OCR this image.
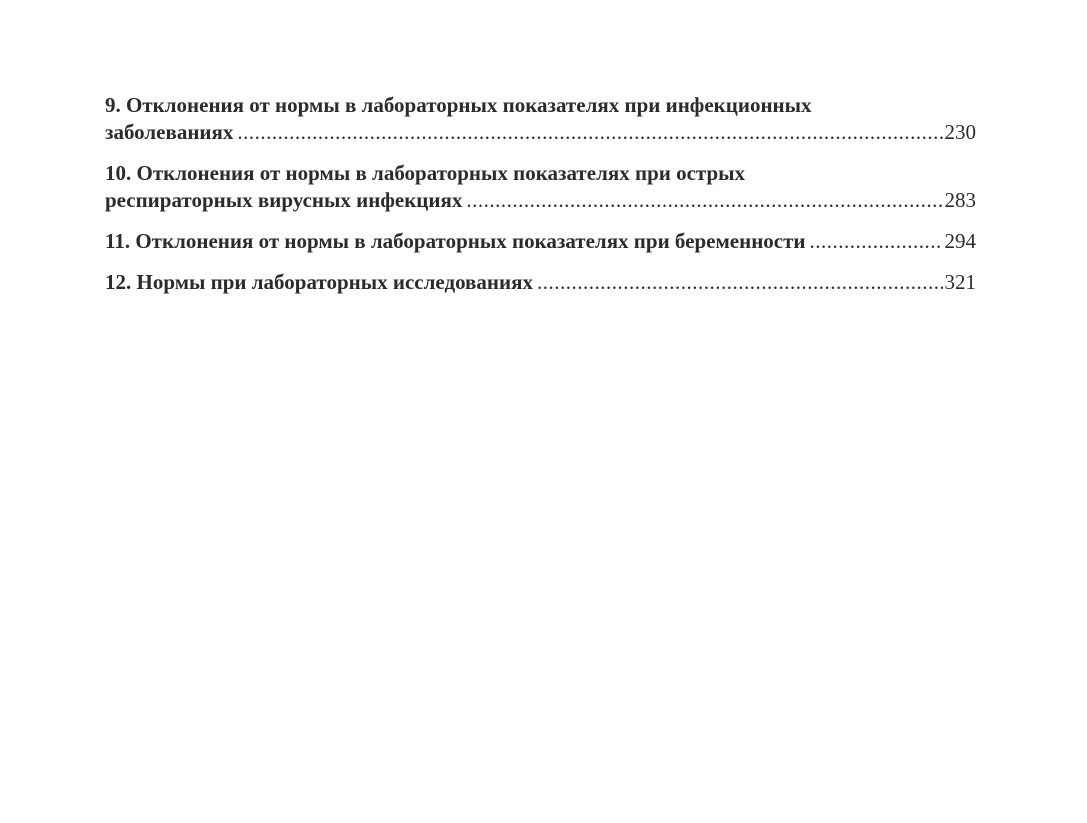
9. Отклонения от нормы в лабораторных показателях при инфекционных
заболеваниях .....	230
10. Отклонения от нормы в лабораторных показателях при острых
респираторных вирусных инфекциях .....	283
11. Отклонения от нормы в лабораторных показателях при беременности .....	294
12. Нормы при лабораторных исследованиях .....	321
